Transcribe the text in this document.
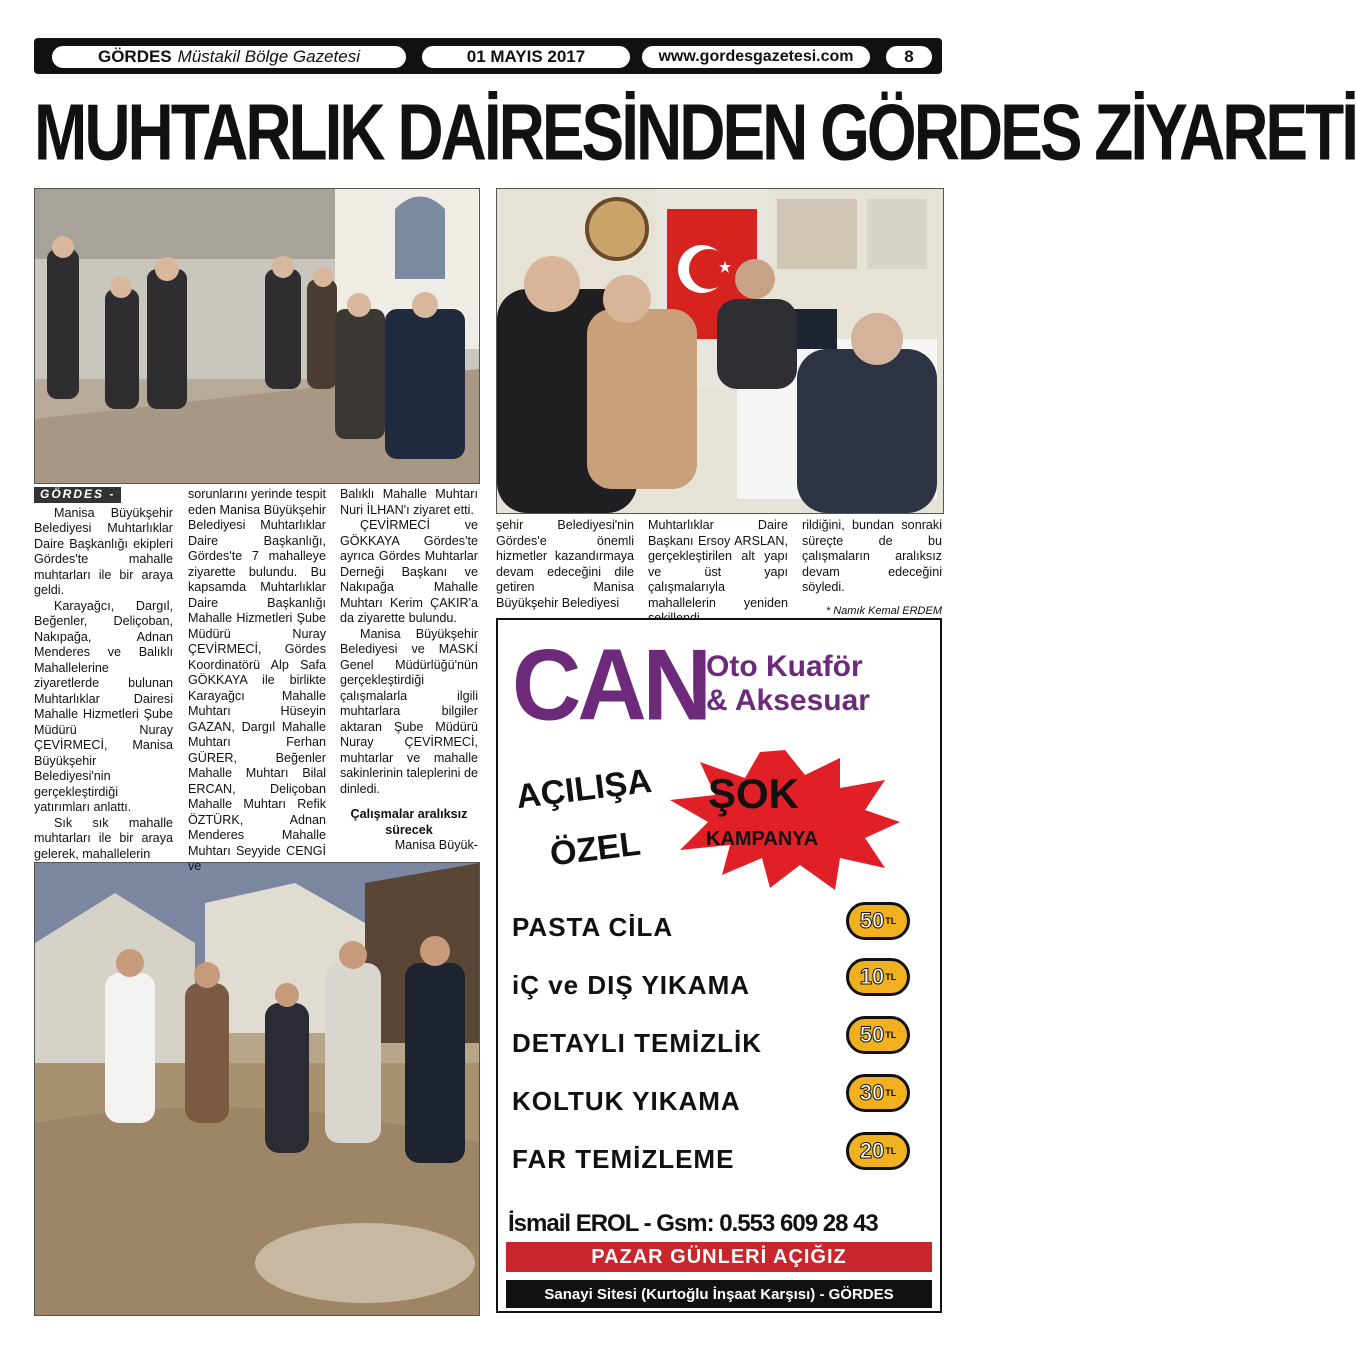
GÖRDES Müstakil Bölge Gazetesi	01 MAYIS 2017	www.gordesgazetesi.com	8
MUHTARLIK DAİRESİNDEN GÖRDES ZİYARETİ
GÖRDES -

Manisa Büyükşehir Belediyesi Muhtarlıklar Daire Başkanlığı ekipleri Gördes'te mahalle muhtarları ile bir araya geldi.

Karayağcı, Dargıl, Beğenler, Deliçoban, Nakıpağa, Adnan Menderes ve Balıklı Mahallelerine ziyaretlerde bulunan Muhtarlıklar Dairesi Mahalle Hizmetleri Şube Müdürü Nuray ÇEVİRMECİ, Manisa Büyükşehir Belediyesi'nin gerçekleştirdiği yatırımları anlattı.

Sık sık mahalle muhtarları ile bir araya gelerek, mahallelerin

sorunlarını yerinde tespit eden Manisa Büyükşehir Belediyesi Muhtarlıklar Daire Başkanlığı, Gördes'te 7 mahalleye ziyarette bulundu. Bu kapsamda Muhtarlıklar Daire Başkanlığı Mahalle Hizmetleri Şube Müdürü Nuray ÇEVİRMECİ, Gördes Koordinatörü Alp Safa GÖKKAYA ile birlikte Karayağcı Mahalle Muhtarı Hüseyin GAZAN, Dargıl Mahalle Muhtarı Ferhan GÜRER, Beğenler Mahalle Muhtarı Bilal ERCAN, Deliçoban Mahalle Muhtarı Refik ÖZTÜRK, Adnan Menderes Mahalle Muhtarı Seyyide CENGİ ve

Balıklı Mahalle Muhtarı Nuri İLHAN'ı ziyaret etti.

ÇEVİRMECİ ve GÖKKAYA Gördes'te ayrıca Gördes Muhtarlar Derneği Başkanı ve Nakıpağa Mahalle Muhtarı Kerim ÇAKIR'a da ziyarette bulundu.

Manisa Büyükşehir Belediyesi ve MASKİ Genel Müdürlüğü'nün gerçekleştirdiği çalışmalarla ilgili muhtarlara bilgiler aktaran Şube Müdürü Nuray ÇEVİRMECİ, muhtarlar ve mahalle sakinlerinin taleplerini de dinledi.

Çalışmalar aralıksız sürecek

Manisa Büyük-

şehir Belediyesi'nin Gördes'e önemli hizmetler kazandırmaya devam edeceğini dile getiren Manisa Büyükşehir Belediyesi

Muhtarlıklar Daire Başkanı Ersoy ARSLAN, gerçekleştirilen alt yapı ve üst yapı çalışmalarıyla mahallelerin yeniden

rildiğini, bundan sonraki süreçte de bu çalışmaların aralıksız devam edeceğini söyledi.

* Namık Kemal ERDEM
CAN
Oto Kuaför
& Aksesuar
AÇILIŞA
ÖZEL
ŞOK
KAMPANYA
PASTA CİLA	50 TL
iÇ ve DIŞ YIKAMA	10 TL
DETAYLI TEMİZLİK	50 TL
KOLTUK YIKAMA	30 TL
FAR TEMİZLEME	20 TL
İsmail EROL - Gsm: 0.553 609 28 43
PAZAR GÜNLERİ AÇIĞIZ
Sanayi Sitesi (Kurtoğlu İnşaat Karşısı) - GÖRDES
